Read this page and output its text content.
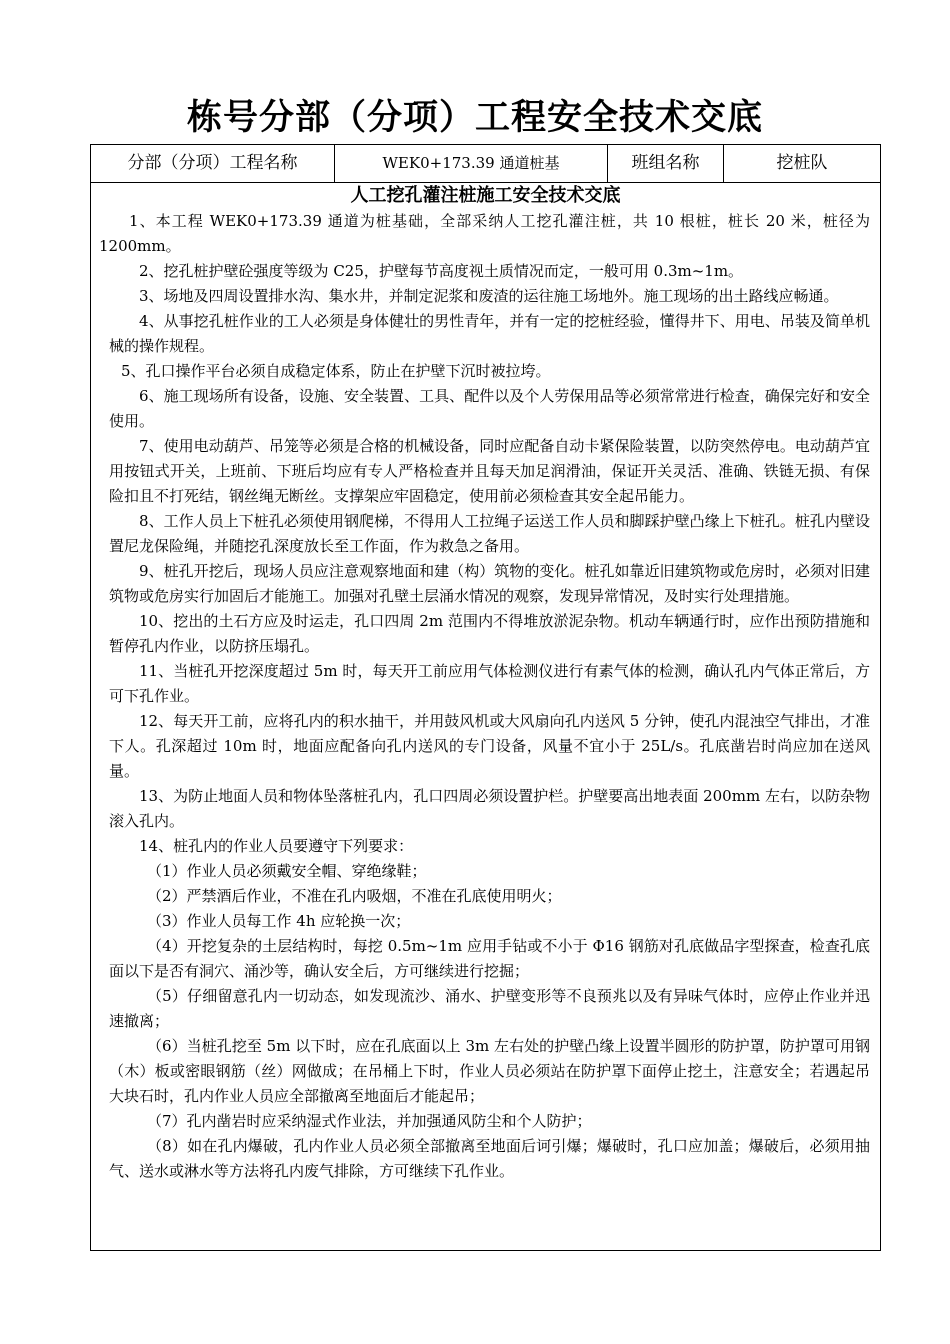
栋号分部（分项）工程安全技术交底
分部（分项）工程名称	WEK0+173.39 通道桩基	班组名称	挖桩队

人工挖孔灌注桩施工安全技术交底

1、本工程 WEK0+173.39 通道为桩基础，全部采纳人工挖孔灌注桩，共 10 根桩，桩长 20 米，桩径为 1200mm。

2、挖孔桩护壁砼强度等级为 C25，护壁每节高度视土质情况而定，一般可用 0.3m~1m。

3、场地及四周设置排水沟、集水井，并制定泥浆和废渣的运往施工场地外。施工现场的出土路线应畅通。

4、从事挖孔桩作业的工人必须是身体健壮的男性青年，并有一定的挖桩经验，懂得井下、用电、吊装及简单机械的操作规程。

5、孔口操作平台必须自成稳定体系，防止在护壁下沉时被拉垮。

6、施工现场所有设备，设施、安全装置、工具、配件以及个人劳保用品等必须常常进行检查，确保完好和安全使用。

7、使用电动葫芦、吊笼等必须是合格的机械设备，同时应配备自动卡紧保险装置，以防突然停电。电动葫芦宜用按钮式开关，上班前、下班后均应有专人严格检查并且每天加足润滑油，保证开关灵活、准确、铁链无损、有保险扣且不打死结，钢丝绳无断丝。支撑架应牢固稳定，使用前必须检查其安全起吊能力。

8、工作人员上下桩孔必须使用钢爬梯，不得用人工拉绳子运送工作人员和脚踩护壁凸缘上下桩孔。桩孔内壁设置尼龙保险绳，并随挖孔深度放长至工作面，作为救急之备用。

9、桩孔开挖后，现场人员应注意观察地面和建（构）筑物的变化。桩孔如靠近旧建筑物或危房时，必须对旧建筑物或危房实行加固后才能施工。加强对孔壁土层涌水情况的观察，发现异常情况，及时实行处理措施。

10、挖出的土石方应及时运走，孔口四周 2m 范围内不得堆放淤泥杂物。机动车辆通行时，应作出预防措施和暂停孔内作业，以防挤压塌孔。

11、当桩孔开挖深度超过 5m 时，每天开工前应用气体检测仪进行有素气体的检测，确认孔内气体正常后，方可下孔作业。

12、每天开工前，应将孔内的积水抽干，并用鼓风机或大风扇向孔内送风 5 分钟，使孔内混浊空气排出，才准下人。孔深超过 10m 时，地面应配备向孔内送风的专门设备，风量不宜小于 25L/s。孔底凿岩时尚应加在送风量。

13、为防止地面人员和物体坠落桩孔内，孔口四周必须设置护栏。护壁要高出地表面 200mm 左右，以防杂物滚入孔内。

14、桩孔内的作业人员要遵守下列要求：

（1）作业人员必须戴安全帽、穿绝缘鞋；

（2）严禁酒后作业，不准在孔内吸烟，不准在孔底使用明火；

（3）作业人员每工作 4h 应轮换一次；

（4）开挖复杂的土层结构时，每挖 0.5m~1m 应用手钻或不小于 Φ16 钢筋对孔底做品字型探查，检查孔底面以下是否有洞穴、涌沙等，确认安全后，方可继续进行挖掘；

（5）仔细留意孔内一切动态，如发现流沙、涌水、护壁变形等不良预兆以及有异味气体时，应停止作业并迅速撤离；

（6）当桩孔挖至 5m 以下时，应在孔底面以上 3m 左右处的护壁凸缘上设置半圆形的防护罩，防护罩可用钢（木）板或密眼钢筋（丝）网做成；在吊桶上下时，作业人员必须站在防护罩下面停止挖土，注意安全；若遇起吊大块石时，孔内作业人员应全部撤离至地面后才能起吊；

（7）孔内凿岩时应采纳湿式作业法，并加强通风防尘和个人防护；

（8）如在孔内爆破，孔内作业人员必须全部撤离至地面后诃引爆；爆破时，孔口应加盖；爆破后，必须用抽气、送水或淋水等方法将孔内废气排除，方可继续下孔作业。
